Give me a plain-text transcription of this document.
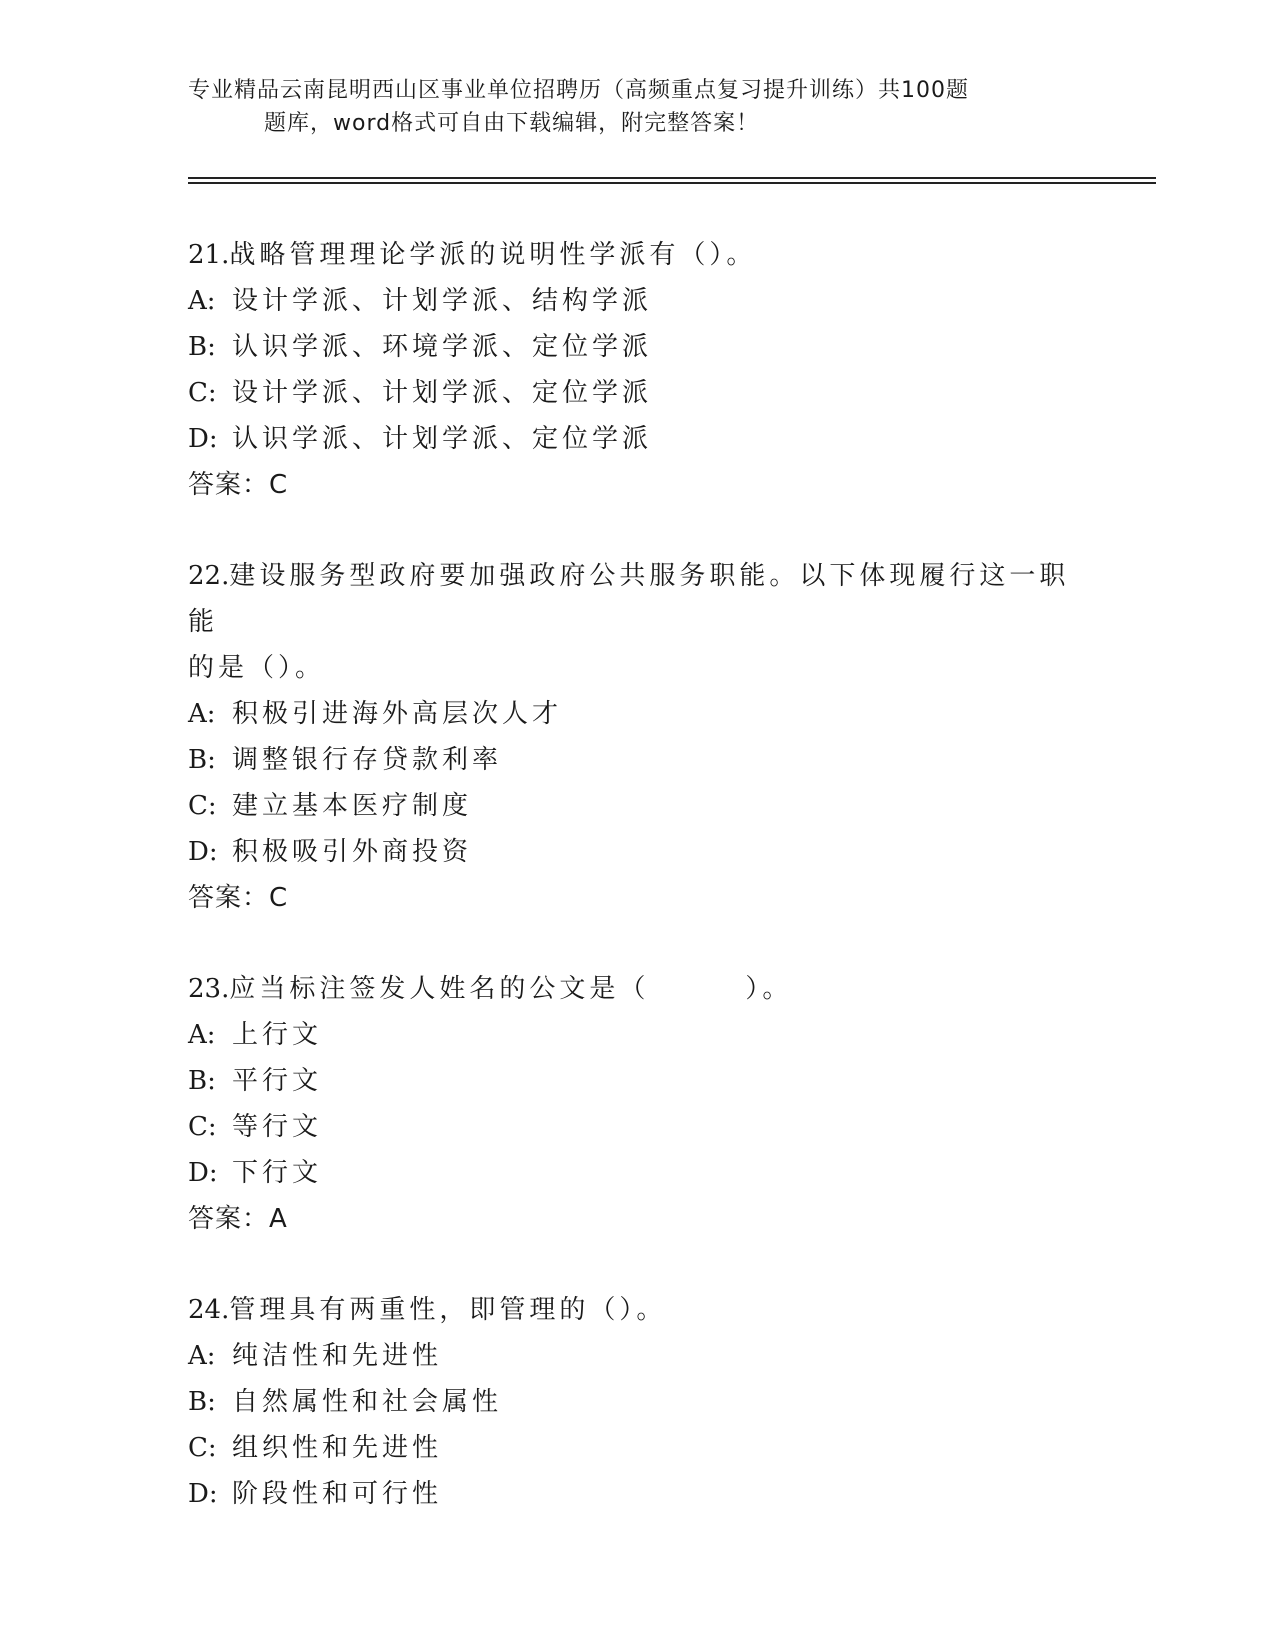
专业精品云南昆明西山区事业单位招聘历（高频重点复习提升训练）共100题
题库，word格式可自由下载编辑，附完整答案！

21.战略管理理论学派的说明性学派有（）。

A: 设计学派、计划学派、结构学派

B: 认识学派、环境学派、定位学派

C: 设计学派、计划学派、定位学派

D: 认识学派、计划学派、定位学派

答案：C

22.建设服务型政府要加强政府公共服务职能。以下体现履行这一职能

的是（）。

A: 积极引进海外高层次人才

B: 调整银行存贷款利率

C: 建立基本医疗制度

D: 积极吸引外商投资

答案：C

23.应当标注签发人姓名的公文是（	）。

A: 上行文

B: 平行文

C: 等行文

D: 下行文

答案：A

24.管理具有两重性，即管理的（）。

A: 纯洁性和先进性

B: 自然属性和社会属性

C: 组织性和先进性

D: 阶段性和可行性
